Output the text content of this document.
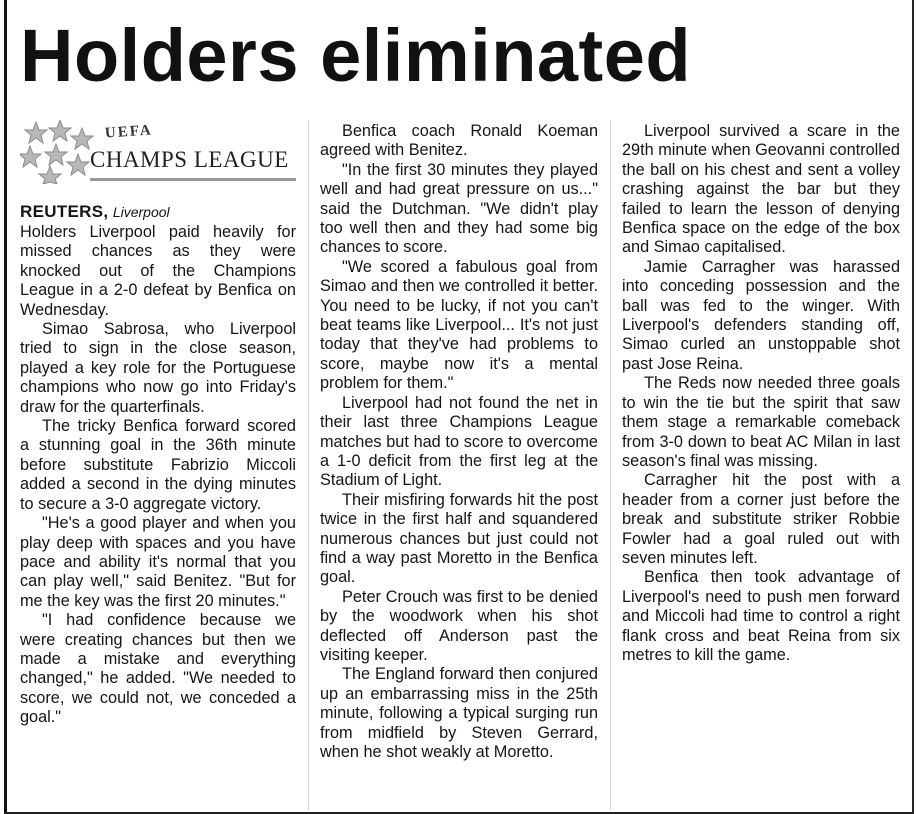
Holders eliminated
UEFA
CHAMPS LEAGUE

REUTERS, Liverpool

Holders Liverpool paid heavily for missed chances as they were knocked out of the Champions League in a 2-0 defeat by Benfica on Wednesday.

Simao Sabrosa, who Liverpool tried to sign in the close season, played a key role for the Portuguese champions who now go into Friday's draw for the quarterfinals.

The tricky Benfica forward scored a stunning goal in the 36th minute before substitute Fabrizio Miccoli added a second in the dying minutes to secure a 3-0 aggregate victory.

"He's a good player and when you play deep with spaces and you have pace and ability it's normal that you can play well," said Benitez. "But for me the key was the first 20 minutes."

"I had confidence because we were creating chances but then we made a mistake and everything changed," he added. "We needed to score, we could not, we conceded a goal."

Benfica coach Ronald Koeman agreed with Benitez.

"In the first 30 minutes they played well and had great pressure on us..." said the Dutchman. "We didn't play too well then and they had some big chances to score.

"We scored a fabulous goal from Simao and then we controlled it better. You need to be lucky, if not you can't beat teams like Liverpool... It's not just today that they've had problems to score, maybe now it's a mental problem for them."

Liverpool had not found the net in their last three Champions League matches but had to score to overcome a 1-0 deficit from the first leg at the Stadium of Light.

Their misfiring forwards hit the post twice in the first half and squandered numerous chances but just could not find a way past Moretto in the Benfica goal.

Peter Crouch was first to be denied by the woodwork when his shot deflected off Anderson past the visiting keeper.

The England forward then conjured up an embarrassing miss in the 25th minute, following a typical surging run from midfield by Steven Gerrard, when he shot weakly at Moretto.

Liverpool survived a scare in the 29th minute when Geovanni controlled the ball on his chest and sent a volley crashing against the bar but they failed to learn the lesson of denying Benfica space on the edge of the box and Simao capitalised.

Jamie Carragher was harassed into conceding possession and the ball was fed to the winger. With Liverpool's defenders standing off, Simao curled an unstoppable shot past Jose Reina.

The Reds now needed three goals to win the tie but the spirit that saw them stage a remarkable comeback from 3-0 down to beat AC Milan in last season's final was missing.

Carragher hit the post with a header from a corner just before the break and substitute striker Robbie Fowler had a goal ruled out with seven minutes left.

Benfica then took advantage of Liverpool's need to push men forward and Miccoli had time to control a right flank cross and beat Reina from six metres to kill the game.
